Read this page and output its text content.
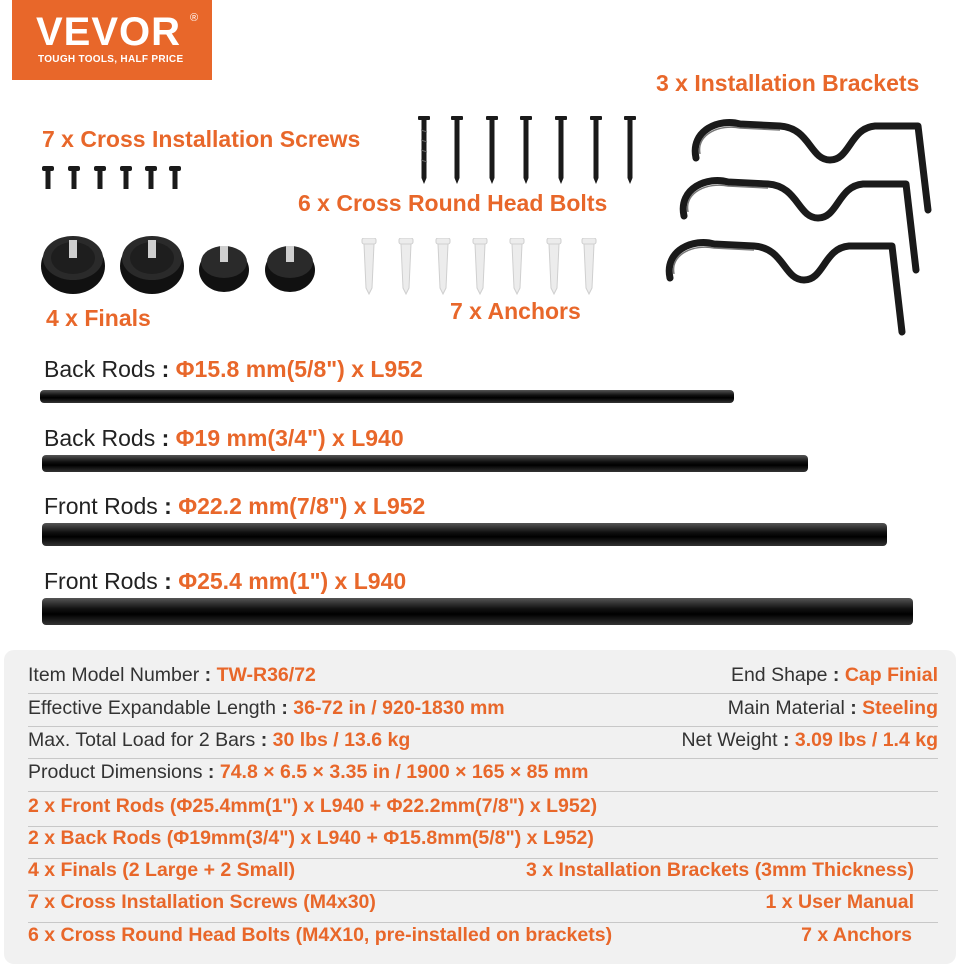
VEVOR ®
TOUGH TOOLS, HALF PRICE
3 x Installation Brackets
7 x Cross Installation Screws
6 x Cross Round Head Bolts
4 x Finals	7 x Anchors
Back Rods : Φ15.8 mm(5/8") x L952
Back Rods : Φ19 mm(3/4") x L940
Front Rods : Φ22.2 mm(7/8") x L952
Front Rods : Φ25.4 mm(1") x L940
Item Model Number : TW-R36/72	End Shape : Cap Finial
Effective Expandable Length : 36-72 in / 920-1830 mm	Main Material : Steeling
Max. Total Load for 2 Bars : 30 lbs / 13.6 kg	Net Weight : 3.09 lbs / 1.4 kg
Product Dimensions : 74.8 × 6.5 × 3.35 in / 1900 × 165 × 85 mm
2 x Front Rods (Φ25.4mm(1") x L940 + Φ22.2mm(7/8") x L952)
2 x Back Rods (Φ19mm(3/4") x L940 + Φ15.8mm(5/8") x L952)
4 x Finals (2 Large + 2 Small)	3 x Installation Brackets (3mm Thickness)
7 x Cross Installation Screws (M4x30)	1 x User Manual
6 x Cross Round Head Bolts (M4X10, pre-installed on brackets)	7 x Anchors
